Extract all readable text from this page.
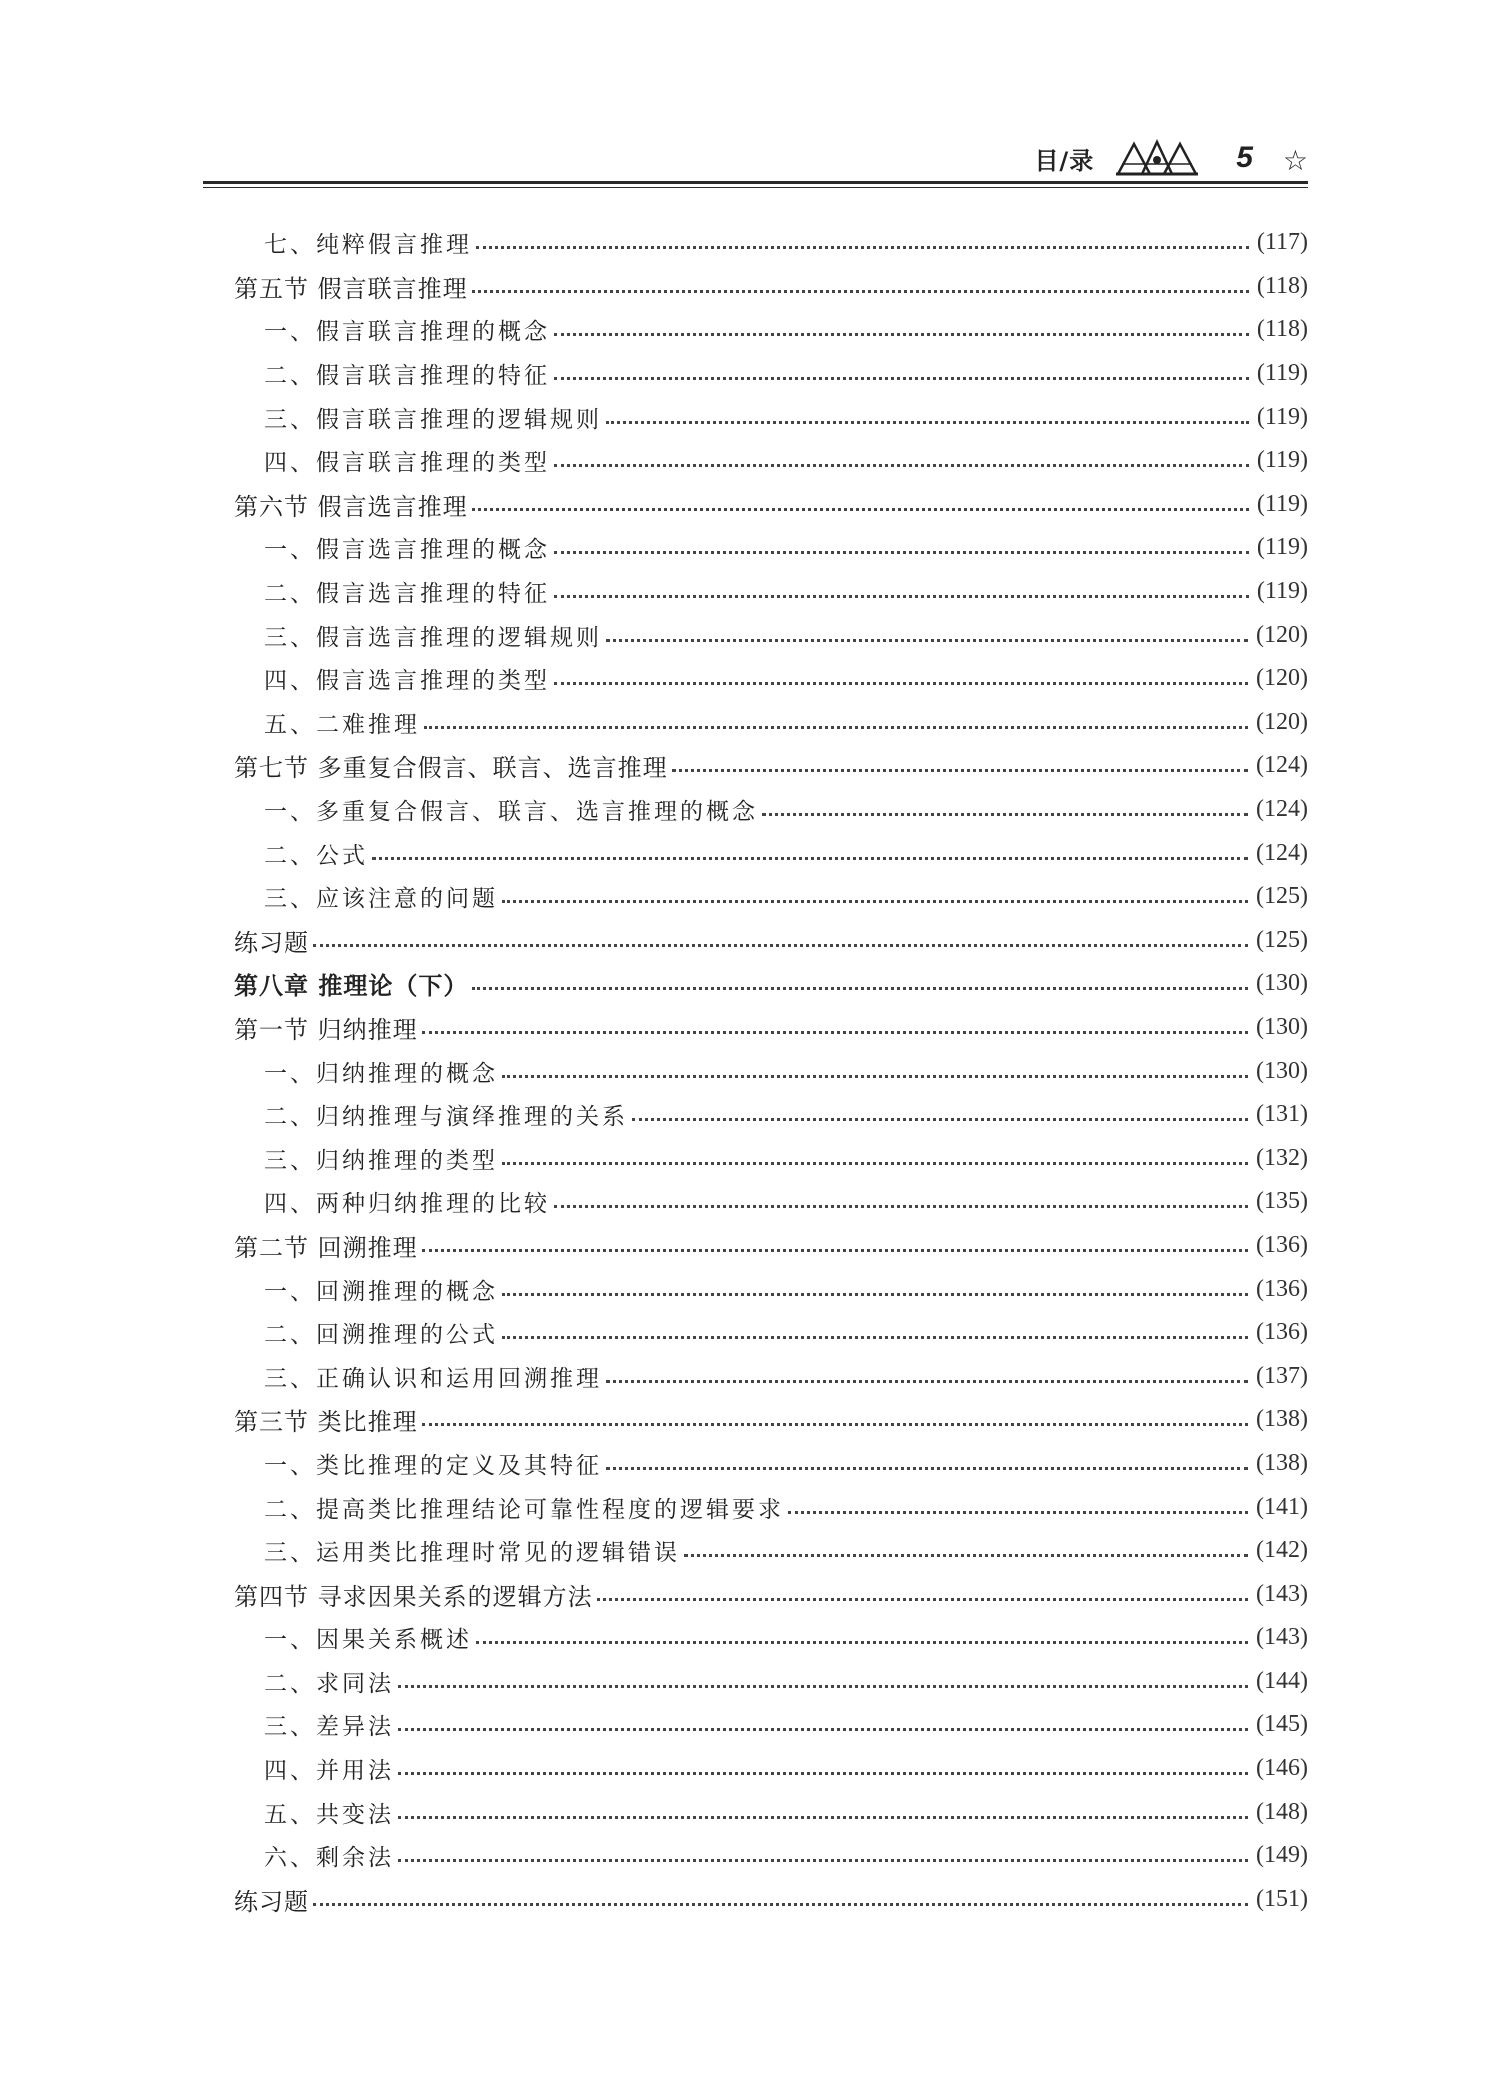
目/录	5 ☆
七、纯粹假言推理	(117)
第五节 假言联言推理	(118)
一、假言联言推理的概念	(118)
二、假言联言推理的特征	(119)
三、假言联言推理的逻辑规则	(119)
四、假言联言推理的类型	(119)
第六节 假言选言推理	(119)
一、假言选言推理的概念	(119)
二、假言选言推理的特征	(119)
三、假言选言推理的逻辑规则	(120)
四、假言选言推理的类型	(120)
五、二难推理	(120)
第七节 多重复合假言、联言、选言推理	(124)
一、多重复合假言、联言、选言推理的概念	(124)
二、公式	(124)
三、应该注意的问题	(125)
练习题	(125)
第八章 推理论（下）	(130)
第一节 归纳推理	(130)
一、归纳推理的概念	(130)
二、归纳推理与演绎推理的关系	(131)
三、归纳推理的类型	(132)
四、两种归纳推理的比较	(135)
第二节 回溯推理	(136)
一、回溯推理的概念	(136)
二、回溯推理的公式	(136)
三、正确认识和运用回溯推理	(137)
第三节 类比推理	(138)
一、类比推理的定义及其特征	(138)
二、提高类比推理结论可靠性程度的逻辑要求	(141)
三、运用类比推理时常见的逻辑错误	(142)
第四节 寻求因果关系的逻辑方法	(143)
一、因果关系概述	(143)
二、求同法	(144)
三、差异法	(145)
四、并用法	(146)
五、共变法	(148)
六、剩余法	(149)
练习题	(151)
